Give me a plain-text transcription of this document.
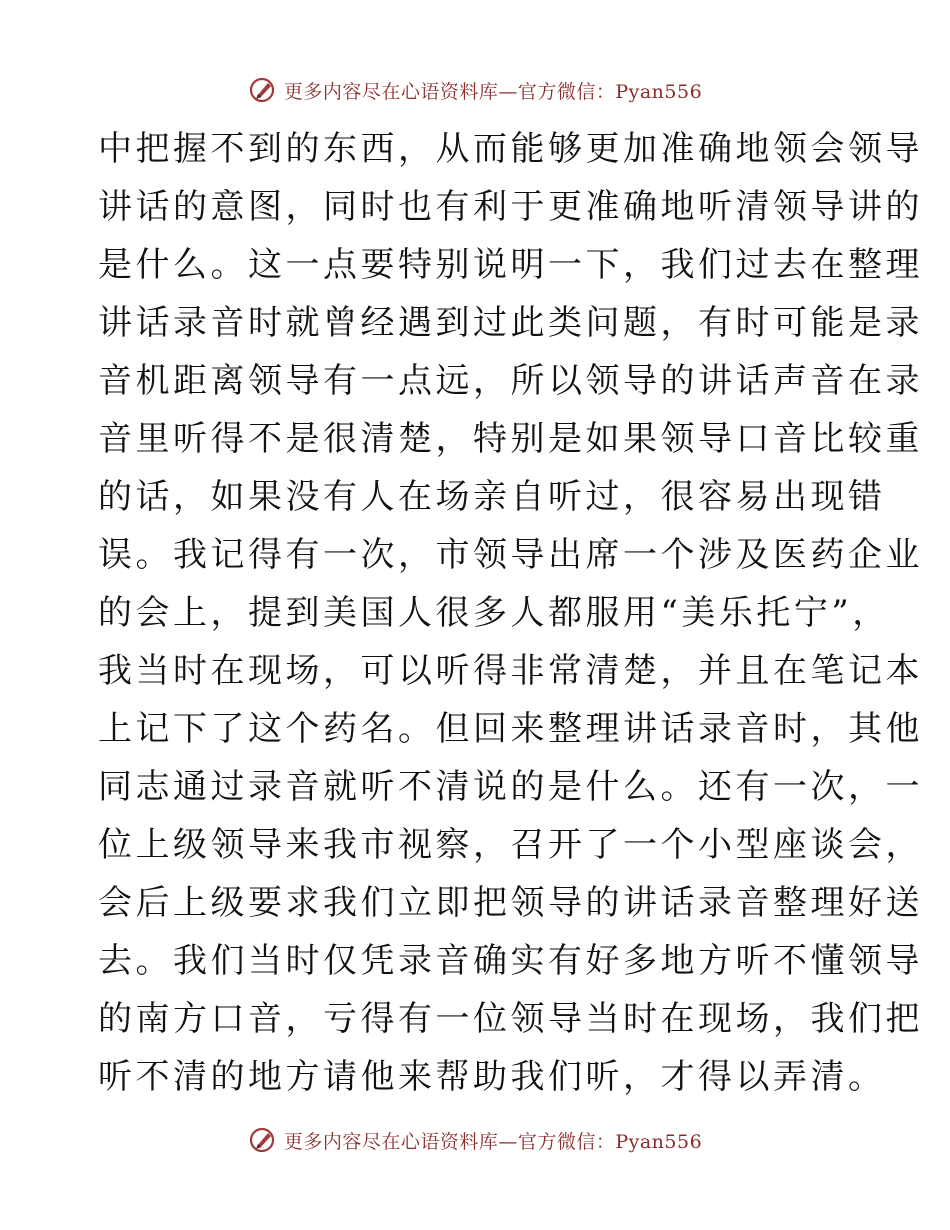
更多内容尽在心语资料库—官方微信：Pyan556
中把握不到的东西，从而能够更加准确地领会领导
讲话的意图，同时也有利于更准确地听清领导讲的
是什么。这一点要特别说明一下，我们过去在整理
讲话录音时就曾经遇到过此类问题，有时可能是录
音机距离领导有一点远，所以领导的讲话声音在录
音里听得不是很清楚，特别是如果领导口音比较重
的话，如果没有人在场亲自听过，很容易出现错
误。我记得有一次，市领导出席一个涉及医药企业
的会上，提到美国人很多人都服用“美乐托宁”，
我当时在现场，可以听得非常清楚，并且在笔记本
上记下了这个药名。但回来整理讲话录音时，其他
同志通过录音就听不清说的是什么。还有一次，一
位上级领导来我市视察，召开了一个小型座谈会，
会后上级要求我们立即把领导的讲话录音整理好送
去。我们当时仅凭录音确实有好多地方听不懂领导
的南方口音，亏得有一位领导当时在现场，我们把
听不清的地方请他来帮助我们听，才得以弄清。
更多内容尽在心语资料库—官方微信：Pyan556
